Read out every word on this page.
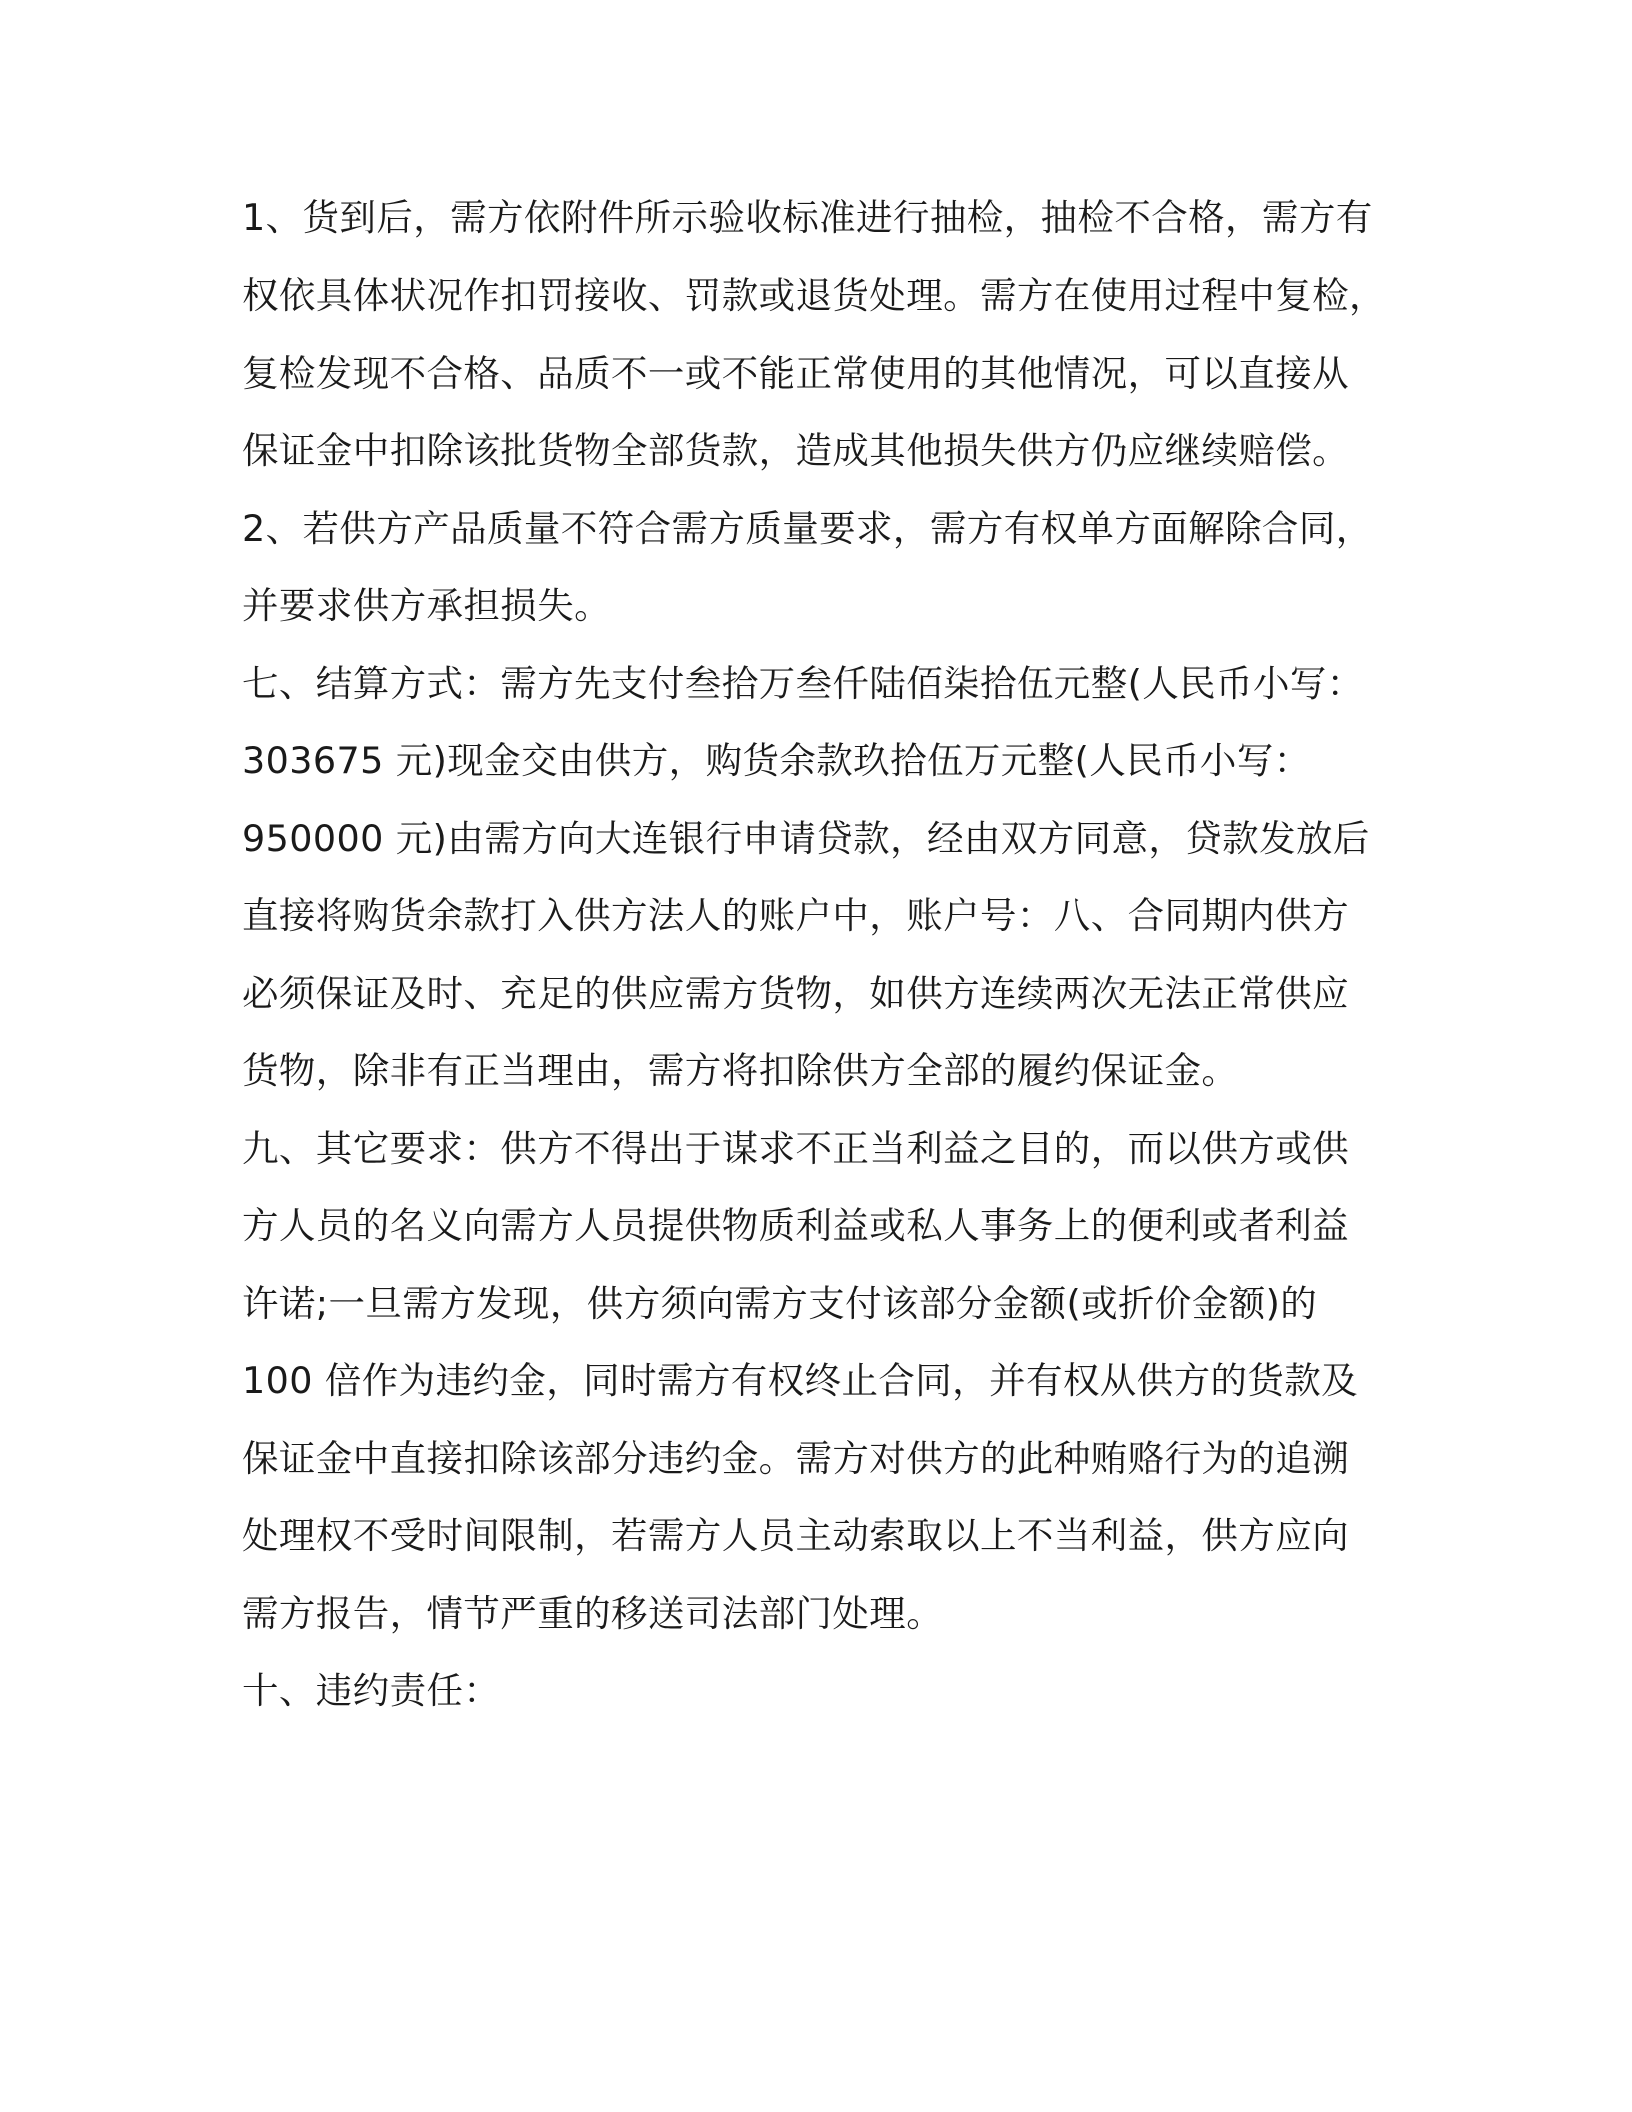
1、货到后，需方依附件所示验收标准进行抽检，抽检不合格，需方有
权依具体状况作扣罚接收、罚款或退货处理。需方在使用过程中复检，
复检发现不合格、品质不一或不能正常使用的其他情况，可以直接从
保证金中扣除该批货物全部货款，造成其他损失供方仍应继续赔偿。
2、若供方产品质量不符合需方质量要求，需方有权单方面解除合同，
并要求供方承担损失。
七、结算方式：需方先支付叁拾万叁仟陆佰柒拾伍元整(人民币小写：
303675 元)现金交由供方，购货余款玖拾伍万元整(人民币小写：
950000 元)由需方向大连银行申请贷款，经由双方同意，贷款发放后
直接将购货余款打入供方法人的账户中，账户号：八、合同期内供方
必须保证及时、充足的供应需方货物，如供方连续两次无法正常供应
货物，除非有正当理由，需方将扣除供方全部的履约保证金。
九、其它要求：供方不得出于谋求不正当利益之目的，而以供方或供
方人员的名义向需方人员提供物质利益或私人事务上的便利或者利益
许诺;一旦需方发现，供方须向需方支付该部分金额(或折价金额)的
100 倍作为违约金，同时需方有权终止合同，并有权从供方的货款及
保证金中直接扣除该部分违约金。需方对供方的此种贿赂行为的追溯
处理权不受时间限制，若需方人员主动索取以上不当利益，供方应向
需方报告，情节严重的移送司法部门处理。
十、违约责任：
